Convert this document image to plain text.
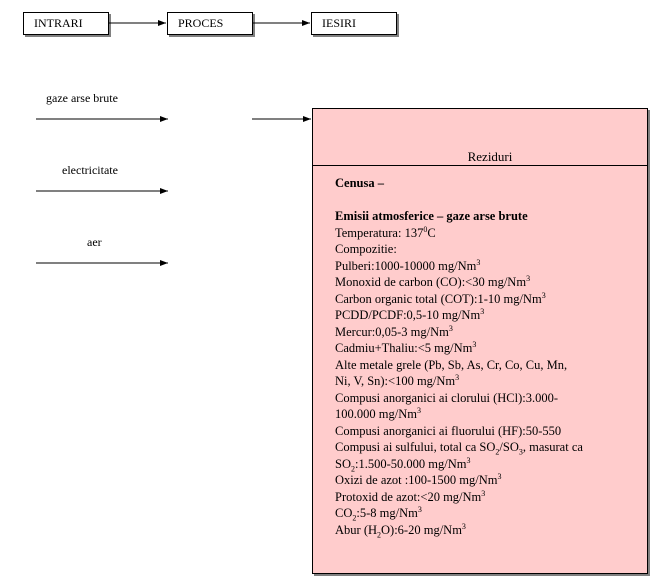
INTRARI	PROCES	IESIRI
gaze arse brute
electricitate
aer
Reziduri

Cenusa –

Emisii atmosferice – gaze arse brute

Temperatura: $137^0C$

Compozitie:

Pulberi:1000-10000 mg/Nm$^3$

Monoxid de carbon (CO):<30 mg/Nm$^3$

Carbon organic total (COT):1-10 mg/Nm$^3$

PCDD/PCDF:0,5-10 mg/Nm$^3$

Mercur:0,05-3 mg/Nm$^3$

Cadmiu+Thaliu:<5 mg/Nm$^3$

Alte metale grele (Pb, Sb, As, Cr, Co, Cu, Mn,

Ni, V, Sn):<100 mg/Nm$^3$

Compusi anorganici ai clorului (HCl):3.000-

100.000 mg/Nm$^3$

Compusi anorganici ai fluorului (HF):50-550

Compusi ai sulfului, total ca $SO_2/SO_3$, masurat ca

$SO_2:1.500-50.000$ mg/Nm$^3$

Oxizi de azot :100-1500 mg/Nm$^3$

Protoxid de azot:<20 mg/Nm$^3$

$CO_2:5-8$ mg/Nm$^3$

Abur $(H_2O):6-20$ mg/Nm$^3$
